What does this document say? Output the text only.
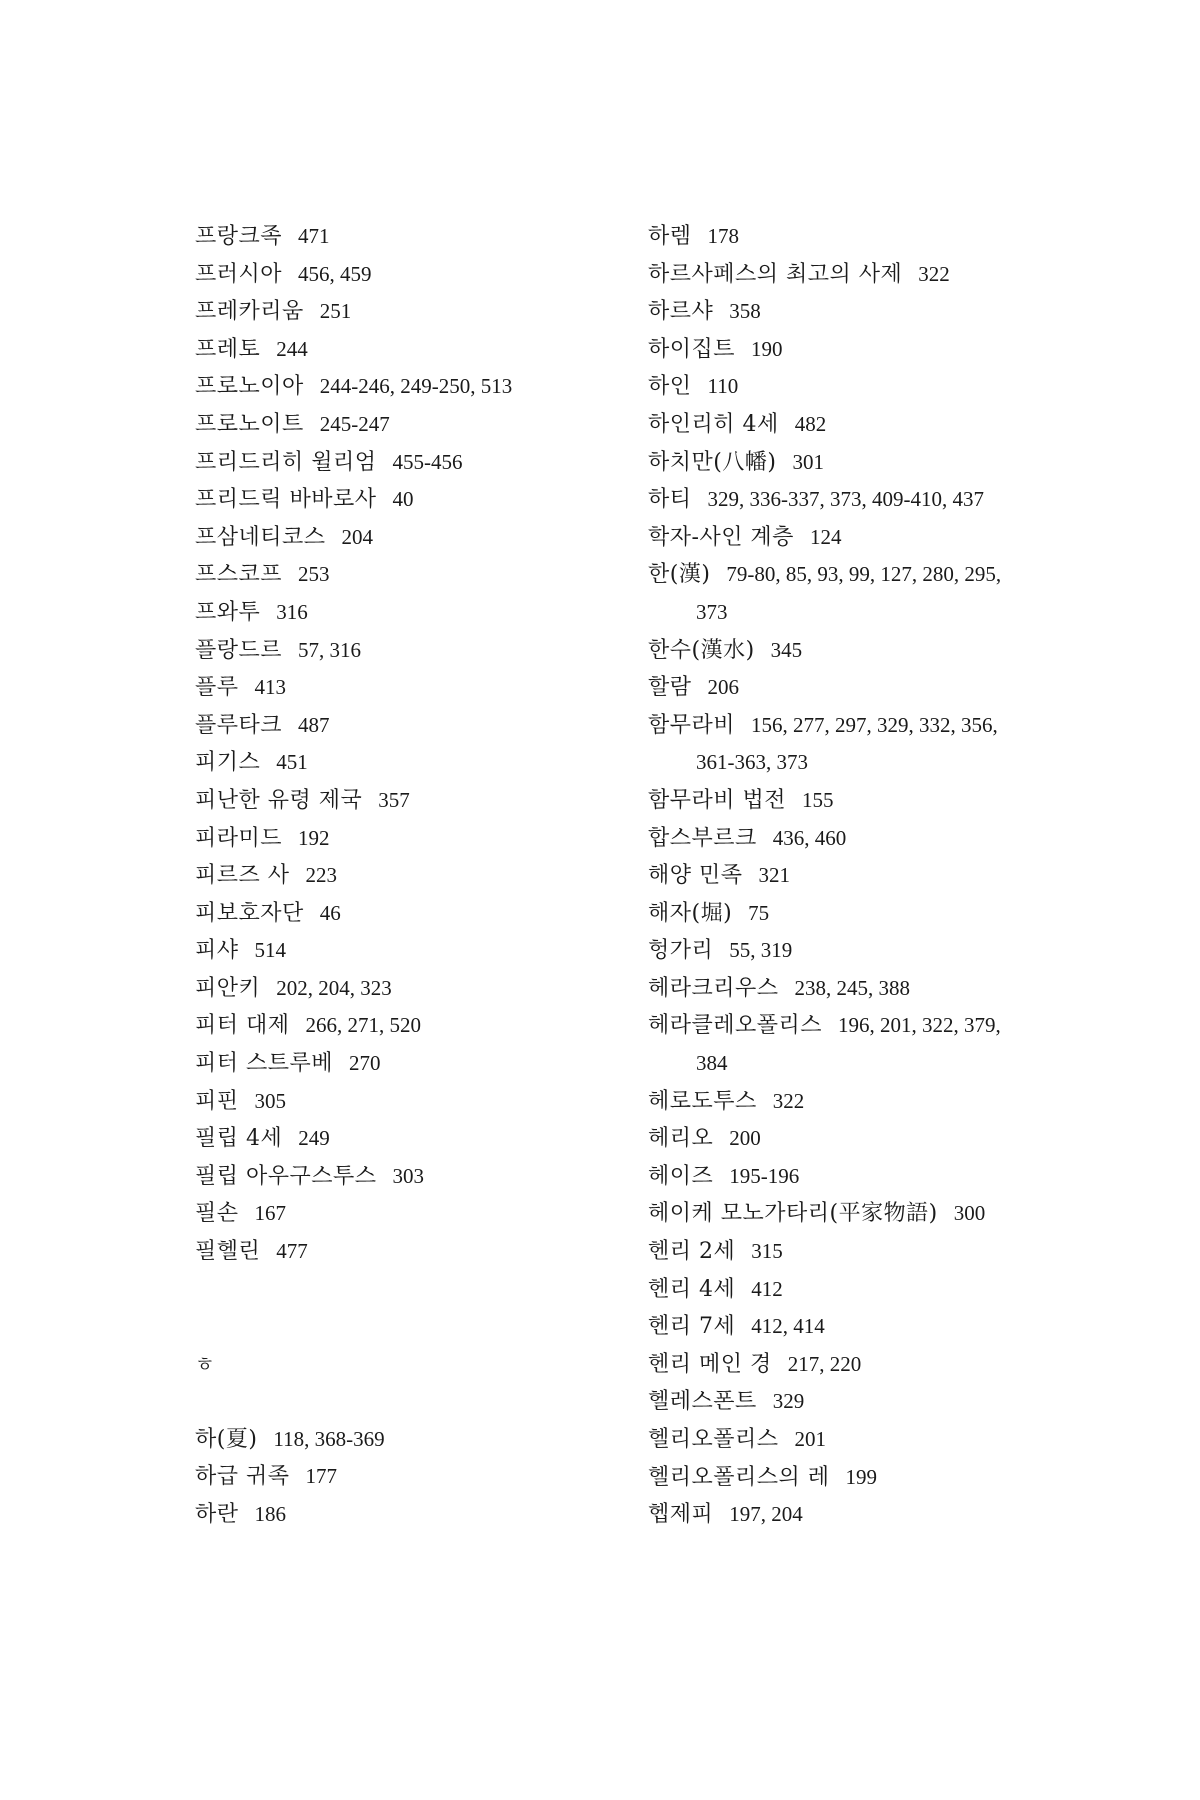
프랑크족 471
프러시아 456, 459
프레카리움 251
프레토 244
프로노이아 244-246, 249-250, 513
프로노이트 245-247
프리드리히 윌리엄 455-456
프리드릭 바바로사 40
프삼네티코스 204
프스코프 253
프와투 316
플랑드르 57, 316
플루 413
플루타크 487
피기스 451
피난한 유령 제국 357
피라미드 192
피르즈 사 223
피보호자단 46
피샤 514
피안키 202, 204, 323
피터 대제 266, 271, 520
피터 스트루베 270
피핀 305
필립 4세 249
필립 아우구스투스 303
필손 167
필헬린 477
ㅎ
하(夏) 118, 368-369
하급 귀족 177
하란 186
하렘 178
하르사페스의 최고의 사제 322
하르샤 358
하이집트 190
하인 110
하인리히 4세 482
하치만(八幡) 301
하티 329, 336-337, 373, 409-410, 437
학자-사인 계층 124
한(漢) 79-80, 85, 93, 99, 127, 280, 295,
373
한수(漢水) 345
할람 206
함무라비 156, 277, 297, 329, 332, 356,
361-363, 373
함무라비 법전 155
합스부르크 436, 460
해양 민족 321
해자(堀) 75
헝가리 55, 319
헤라크리우스 238, 245, 388
헤라클레오폴리스 196, 201, 322, 379,
384
헤로도투스 322
헤리오 200
헤이즈 195-196
헤이케 모노가타리(平家物語) 300
헨리 2세 315
헨리 4세 412
헨리 7세 412, 414
헨리 메인 경 217, 220
헬레스폰트 329
헬리오폴리스 201
헬리오폴리스의 레 199
헵제피 197, 204
